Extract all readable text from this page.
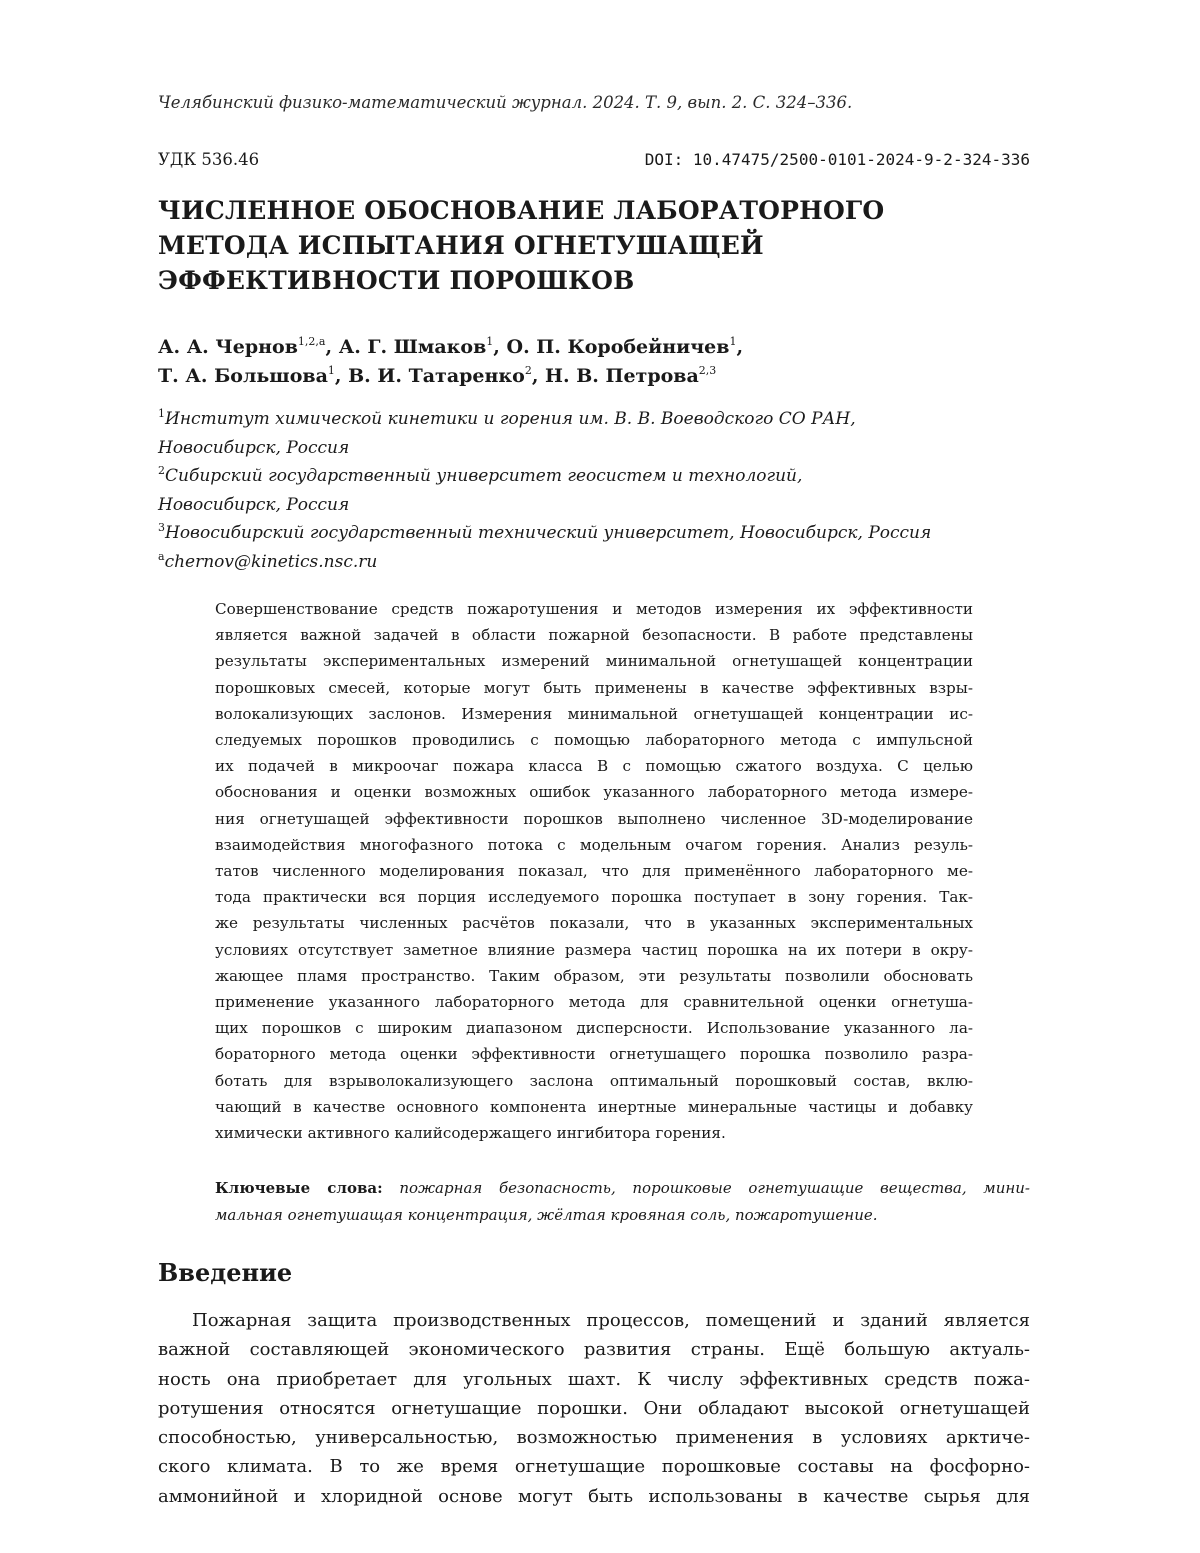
Челябинский физико-математический журнал. 2024. Т. 9, вып. 2. С. 324–336.
УДК 536.46	DOI: 10.47475/2500-0101-2024-9-2-324-336
ЧИСЛЕННОЕ ОБОСНОВАНИЕ ЛАБОРАТОРНОГО
МЕТОДА ИСПЫТАНИЯ ОГНЕТУШАЩЕЙ
ЭФФЕКТИВНОСТИ ПОРОШКОВ
А. А. Чернов$^{1,2,a}$, А. Г. Шмаков$^1$, О. П. Коробейничев$^1$,
Т. А. Большова$^1$, В. И. Татаренко$^2$, Н. В. Петрова$^{2,3}$
$^1$Институт химической кинетики и горения им. В. В. Воеводского СО РАН,
Новосибирск, Россия
$^2$Сибирский государственный университет геосистем и технологий,
Новосибирск, Россия
$^3$Новосибирский государственный технический университет, Новосибирск, Россия
$^a$chernov@kinetics.nsc.ru
Совершенствование средств пожаротушения и методов измерения их эффективности
является важной задачей в области пожарной безопасности. В работе представлены
результаты экспериментальных измерений минимальной огнетушащей концентрации
порошковых смесей, которые могут быть применены в качестве эффективных взры-
волокализующих заслонов. Измерения минимальной огнетушащей концентрации ис-
следуемых порошков проводились с помощью лабораторного метода с импульсной
их подачей в микроочаг пожара класса B с помощью сжатого воздуха. С целью
обоснования и оценки возможных ошибок указанного лабораторного метода измере-
ния огнетушащей эффективности порошков выполнено численное 3D-моделирование
взаимодействия многофазного потока с модельным очагом горения. Анализ резуль-
татов численного моделирования показал, что для применённого лабораторного ме-
тода практически вся порция исследуемого порошка поступает в зону горения. Так-
же результаты численных расчётов показали, что в указанных экспериментальных
условиях отсутствует заметное влияние размера частиц порошка на их потери в окру-
жающее пламя пространство. Таким образом, эти результаты позволили обосновать
применение указанного лабораторного метода для сравнительной оценки огнетуша-
щих порошков с широким диапазоном дисперсности. Использование указанного ла-
бораторного метода оценки эффективности огнетушащего порошка позволило разра-
ботать для взрыволокализующего заслона оптимальный порошковый состав, вклю-
чающий в качестве основного компонента инертные минеральные частицы и добавку
химически активного калийсодержащего ингибитора горения.
Ключевые слова: пожарная безопасность, порошковые огнетушащие вещества, мини-
мальная огнетушащая концентрация, жёлтая кровяная соль, пожаротушение.
Введение
Пожарная защита производственных процессов, помещений и зданий является
важной составляющей экономического развития страны. Ещё большую актуаль-
ность она приобретает для угольных шахт. К числу эффективных средств пожа-
ротушения относятся огнетушащие порошки. Они обладают высокой огнетушащей
способностью, универсальностью, возможностью применения в условиях арктиче-
ского климата. В то же время огнетушащие порошковые составы на фосфорно-
аммонийной и хлоридной основе могут быть использованы в качестве сырья для
